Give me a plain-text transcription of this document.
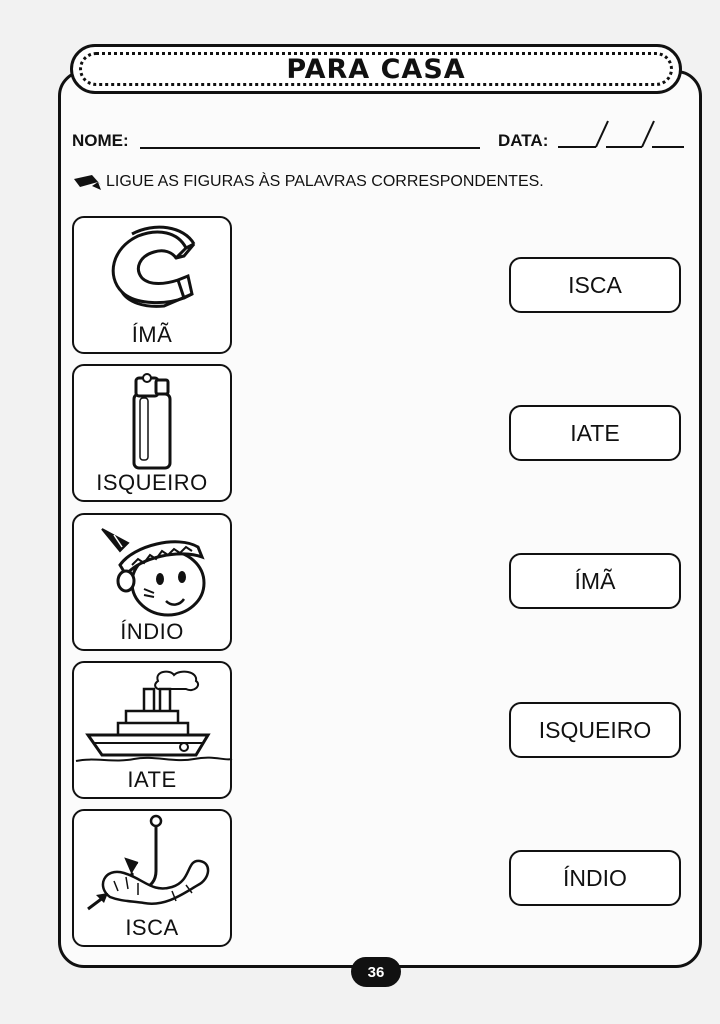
PARA CASA
NOME:	DATA:
LIGUE AS FIGURAS ÀS PALAVRAS CORRESPONDENTES.
ÍMÃ
ISQUEIRO
ÍNDIO
IATE
ISCA
ISCA
IATE
ÍMÃ
ISQUEIRO
ÍNDIO
36
